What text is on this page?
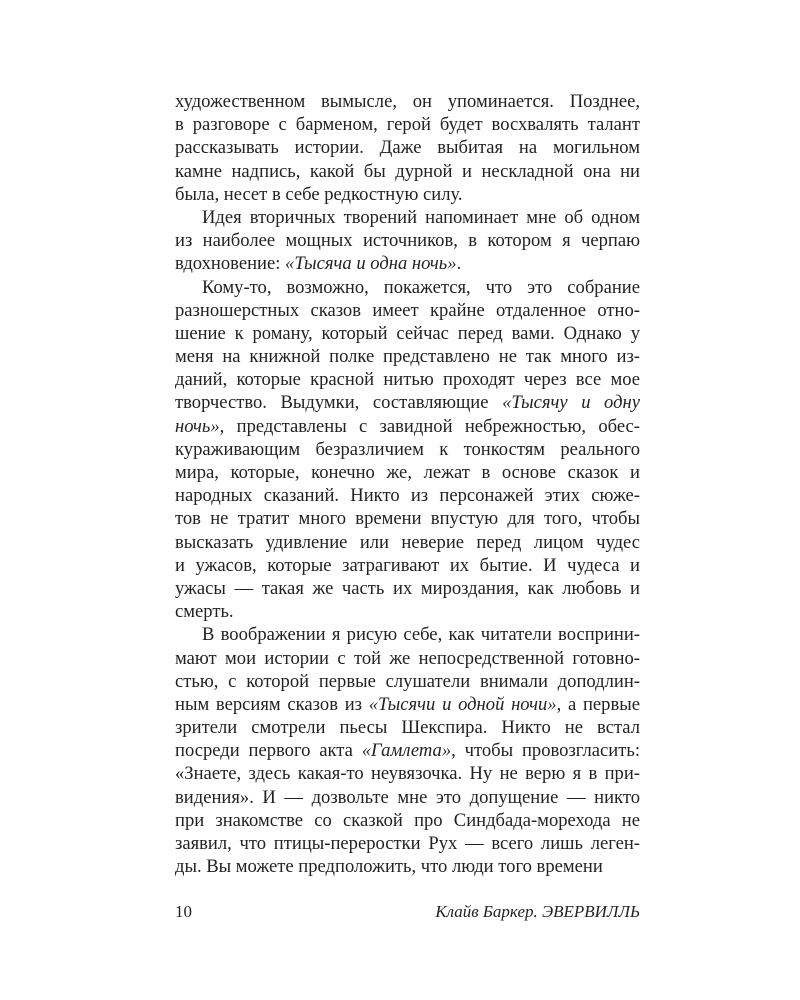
художественном вымысле, он упоминается. Позднее,
в разговоре с барменом, герой будет восхвалять талант
рассказывать истории. Даже выбитая на могильном
камне надпись, какой бы дурной и нескладной она ни
была, несет в себе редкостную силу.
Идея вторичных творений напоминает мне об одном
из наиболее мощных источников, в котором я черпаю
вдохновение: «Тысяча и одна ночь».
Кому-то, возможно, покажется, что это собрание
разношерстных сказов имеет крайне отдаленное отно-
шение к роману, который сейчас перед вами. Однако у
меня на книжной полке представлено не так много из-
даний, которые красной нитью проходят через все мое
творчество. Выдумки, составляющие «Тысячу и одну
ночь», представлены с завидной небрежностью, обес-
кураживающим безразличием к тонкостям реального
мира, которые, конечно же, лежат в основе сказок и
народных сказаний. Никто из персонажей этих сюже-
тов не тратит много времени впустую для того, чтобы
высказать удивление или неверие перед лицом чудес
и ужасов, которые затрагивают их бытие. И чудеса и
ужасы — такая же часть их мироздания, как любовь и
смерть.
В воображении я рисую себе, как читатели восприни-
мают мои истории с той же непосредственной готовно-
стью, с которой первые слушатели внимали доподлин-
ным версиям сказов из «Тысячи и одной ночи», а первые
зрители смотрели пьесы Шекспира. Никто не встал
посреди первого акта «Гамлета», чтобы провозгласить:
«Знаете, здесь какая-то неувязочка. Ну не верю я в при-
видения». И — дозвольте мне это допущение — никто
при знакомстве со сказкой про Синдбада-морехода не
заявил, что птицы-переростки Рух — всего лишь леген-
ды. Вы можете предположить, что люди того времени
10	Клайв Баркер. ЭВЕРВИЛЛЬ
